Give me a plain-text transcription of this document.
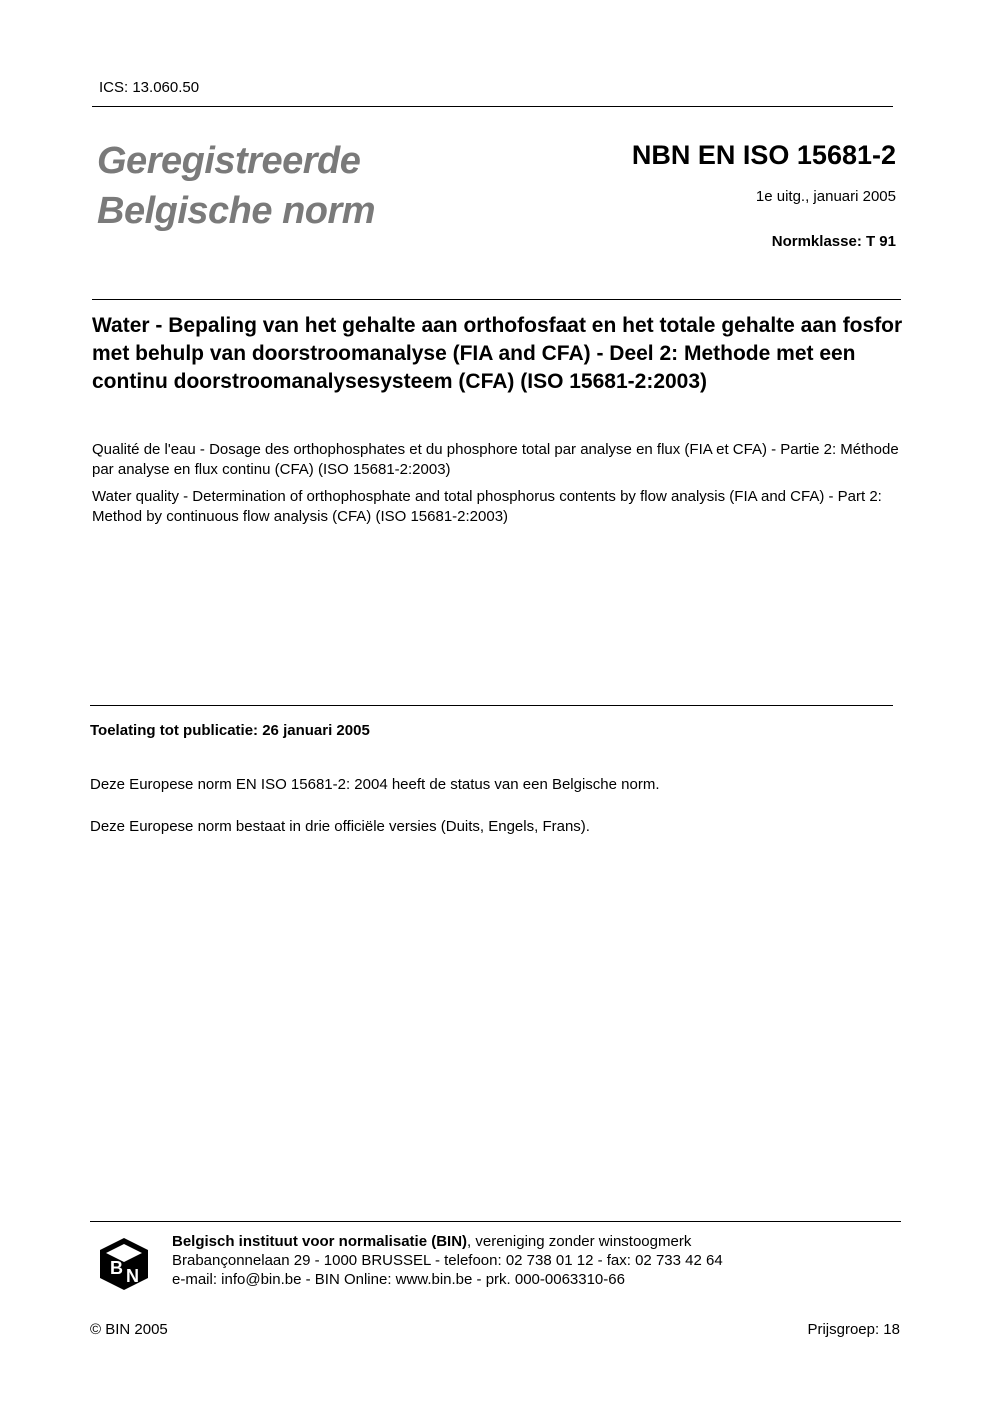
ICS: 13.060.50
Geregistreerde
Belgische norm
NBN EN ISO 15681-2
1e uitg., januari 2005
Normklasse: T 91
Water - Bepaling van het gehalte aan orthofosfaat en het totale gehalte aan fosfor met behulp van doorstroomanalyse (FIA and CFA) - Deel 2: Methode met een continu doorstroomanalysesysteem (CFA) (ISO 15681-2:2003)
Qualité de l'eau - Dosage des orthophosphates et du phosphore total par analyse en flux (FIA et CFA) - Partie 2: Méthode par analyse en flux continu (CFA) (ISO 15681-2:2003)
Water quality - Determination of orthophosphate and total phosphorus contents by flow analysis (FIA and CFA) - Part 2: Method by continuous flow analysis (CFA) (ISO 15681-2:2003)
Toelating tot publicatie: 26 januari 2005
Deze Europese norm EN ISO 15681-2: 2004 heeft de status van een Belgische norm.
Deze Europese norm bestaat in drie officiële versies (Duits, Engels, Frans).
B N
Belgisch instituut voor normalisatie (BIN), vereniging zonder winstoogmerk
Brabançonnelaan 29 - 1000 BRUSSEL - telefoon: 02 738 01 12 - fax: 02 733 42 64
e-mail: info@bin.be - BIN Online: www.bin.be - prk. 000-0063310-66
© BIN 2005	Prijsgroep: 18
